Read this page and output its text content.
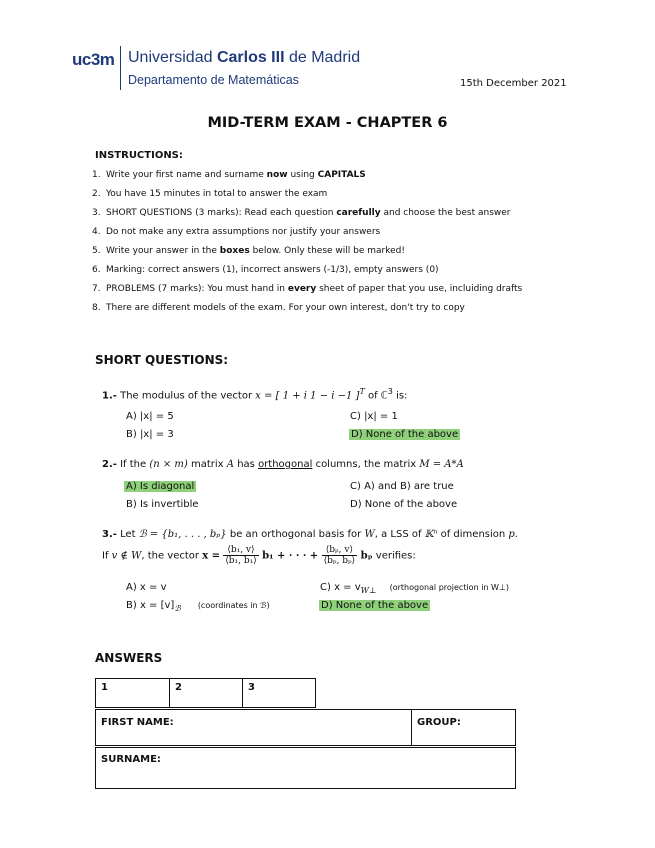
uc3m Universidad Carlos III de Madrid
Departamento de Matemáticas	15th December 2021
MID-TERM EXAM - CHAPTER 6
INSTRUCTIONS:
1. Write your first name and surname now using CAPITALS
2. You have 15 minutes in total to answer the exam
3. SHORT QUESTIONS (3 marks): Read each question carefully and choose the best answer
4. Do not make any extra assumptions nor justify your answers
5. Write your answer in the boxes below. Only these will be marked!
6. Marking: correct answers (1), incorrect answers (-1/3), empty answers (0)
7. PROBLEMS (7 marks): You must hand in every sheet of paper that you use, incluiding drafts
8. There are different models of the exam. For your own interest, don't try to copy
SHORT QUESTIONS:
1.- The modulus of the vector x = [ 1 + i 1 − i −1 ]$^T$ of ℂ$^3$ is:
A) |x| = 5
B) |x| = 3
C) |x| = 1
D) None of the above
2.- If the (n × m) matrix A has orthogonal columns, the matrix M = A*A
A) Is diagonal
B) Is invertible
C) A) and B) are true
D) None of the above
3.- Let ℬ = {b₁, . . . , bₚ} be an orthogonal basis for W, a LSS of 𝕂ⁿ of dimension p.
If v ∉ W, the vector $x = \frac{\text{⟨b₁, v⟩}}{\text{⟨b₁, b₁⟩}} b_1$ + · · · + $\frac{\text{⟨bₚ, v⟩}}{\text{⟨bₚ, bₚ⟩}}$ bₚ verifies:
A) x = v
B) $x = [v]_ℬ$ (coordinates in ℬ)
C) $x = v_{W\perp}$ (orthogonal projection in W⊥)
D) None of the above
ANSWERS
1	2	3
FIRST NAME:	GROUP:
SURNAME:
